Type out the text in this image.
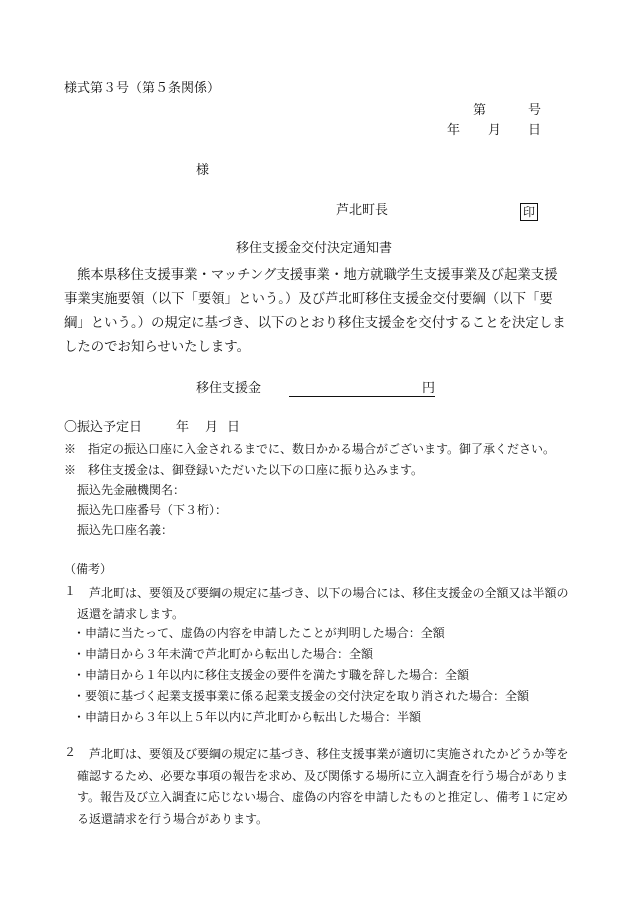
様式第３号（第５条関係）
第	号
年 月 日
様
芦北町長	印
移住支援金交付決定通知書
熊本県移住支援事業・マッチング支援事業・地方就職学生支援事業及び起業支援事業実施要領（以下「要領」という。）及び芦北町移住支援金交付要綱（以下「要綱」という。）の規定に基づき、以下のとおり移住支援金を交付することを決定しましたのでお知らせいたします。
移住支援金	円
〇振込予定日	年 月 日
※　指定の振込口座に入金されるまでに、数日かかる場合がございます。御了承ください。
※　移住支援金は、御登録いただいた以下の口座に振り込みます。
振込先金融機関名：
振込先口座番号（下３桁）：
振込先口座名義：
（備考）
１	芦北町は、要領及び要綱の規定に基づき、以下の場合には、移住支援金の全額又は半額の返還を請求します。
・申請に当たって、虚偽の内容を申請したことが判明した場合：全額
・申請日から３年未満で芦北町から転出した場合：全額
・申請日から１年以内に移住支援金の要件を満たす職を辞した場合：全額
・要領に基づく起業支援事業に係る起業支援金の交付決定を取り消された場合：全額
・申請日から３年以上５年以内に芦北町から転出した場合：半額
２	芦北町は、要領及び要綱の規定に基づき、移住支援事業が適切に実施されたかどうか等を確認するため、必要な事項の報告を求め、及び関係する場所に立入調査を行う場合があります。報告及び立入調査に応じない場合、虚偽の内容を申請したものと推定し、備考１に定める返還請求を行う場合があります。
